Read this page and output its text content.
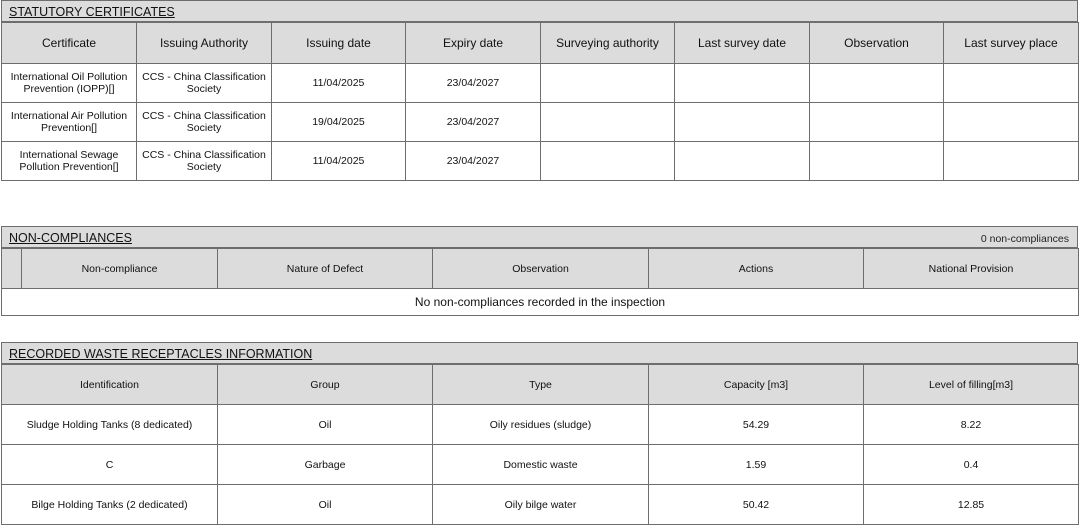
STATUTORY CERTIFICATES
Certificate	Issuing Authority	Issuing date	Expiry date	Surveying authority	Last survey date	Observation	Last survey place
International Oil Pollution Prevention (IOPP)[]	CCS - China Classification Society	11/04/2025	23/04/2027				
International Air Pollution Prevention[]	CCS - China Classification Society	19/04/2025	23/04/2027				
International Sewage Pollution Prevention[]	CCS - China Classification Society	11/04/2025	23/04/2027				
NON-COMPLIANCES	0 non-compliances
	Non-compliance	Nature of Defect	Observation	Actions	National Provision
No non-compliances recorded in the inspection
RECORDED WASTE RECEPTACLES INFORMATION
Identification	Group	Type	Capacity [m3]	Level of filling[m3]
Sludge Holding Tanks (8 dedicated)	Oil	Oily residues (sludge)	54.29	8.22
C	Garbage	Domestic waste	1.59	0.4
Bilge Holding Tanks (2 dedicated)	Oil	Oily bilge water	50.42	12.85
